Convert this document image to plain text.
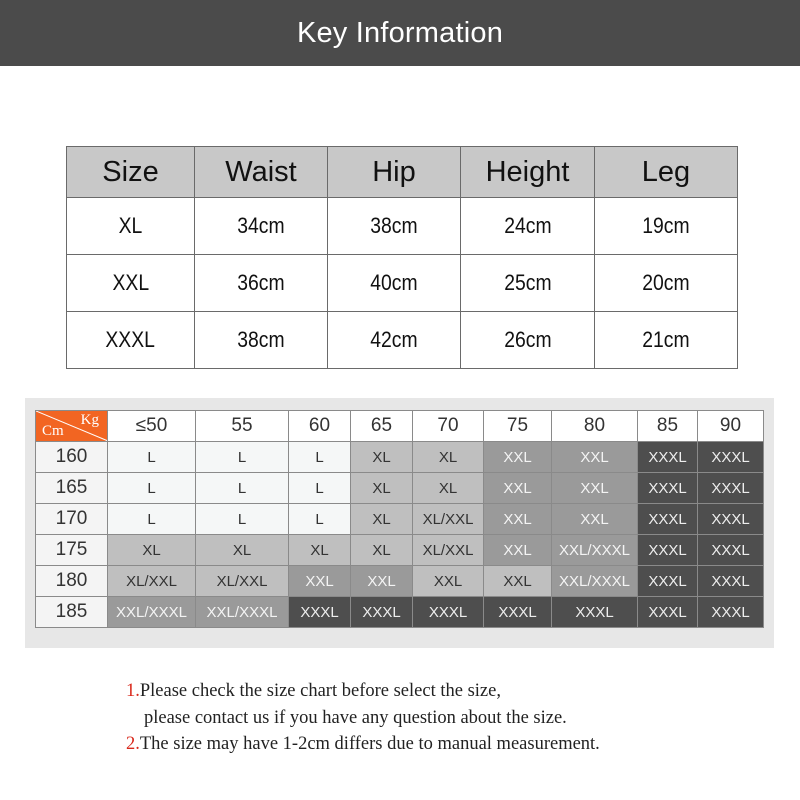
Key Information
Size	Waist	Hip	Height	Leg
XL	34cm	38cm	24cm	19cm
XXL	36cm	40cm	25cm	20cm
XXXL	38cm	42cm	26cm	21cm
Kg
Cm	≤50	55	60	65	70	75	80	85	90
160	L	L	L	XL	XL	XXL	XXL	XXXL	XXXL
165	L	L	L	XL	XL	XXL	XXL	XXXL	XXXL
170	L	L	L	XL	XL/XXL	XXL	XXL	XXXL	XXXL
175	XL	XL	XL	XL	XL/XXL	XXL	XXL/XXXL	XXXL	XXXL
180	XL/XXL	XL/XXL	XXL	XXL	XXL	XXL	XXL/XXXL	XXXL	XXXL
185	XXL/XXXL	XXL/XXXL	XXXL	XXXL	XXXL	XXXL	XXXL	XXXL	XXXL
1.Please check the size chart before select the size,
please contact us if you have any question about the size.
2.The size may have 1-2cm differs due to manual measurement.
